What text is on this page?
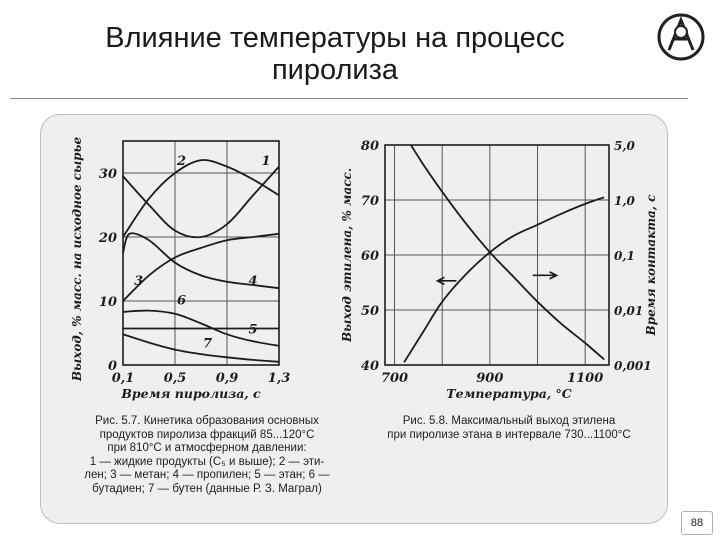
Влияние температуры на процесс
пиролиза
0,1 0,5 0,9 1,3
0
10
20
30
Время пиролиза, с
Выход, % масс. на исходное сырье	1
2
3	4
5
6
7
700	900	1100
40
50
60
70
80
0,001
0,01
0,1
1,0
5,0
Температура, °С
Выход этилена, % масс.	Время контакта, с
Рис. 5.7. Кинетика образования основных
продуктов пиролиза фракций 85...120°С
при 810°С и атмосферном давлении:
1 — жидкие продукты (C₅ и выше); 2 — эти-
лен; 3 — метан; 4 — пропилен; 5 — этан; 6 —
бутадиен; 7 — бутен (данные Р. З. Маграл)
Рис. 5.8. Максимальный выход этилена
при пиролизе этана в интервале 730...1100°С
88
